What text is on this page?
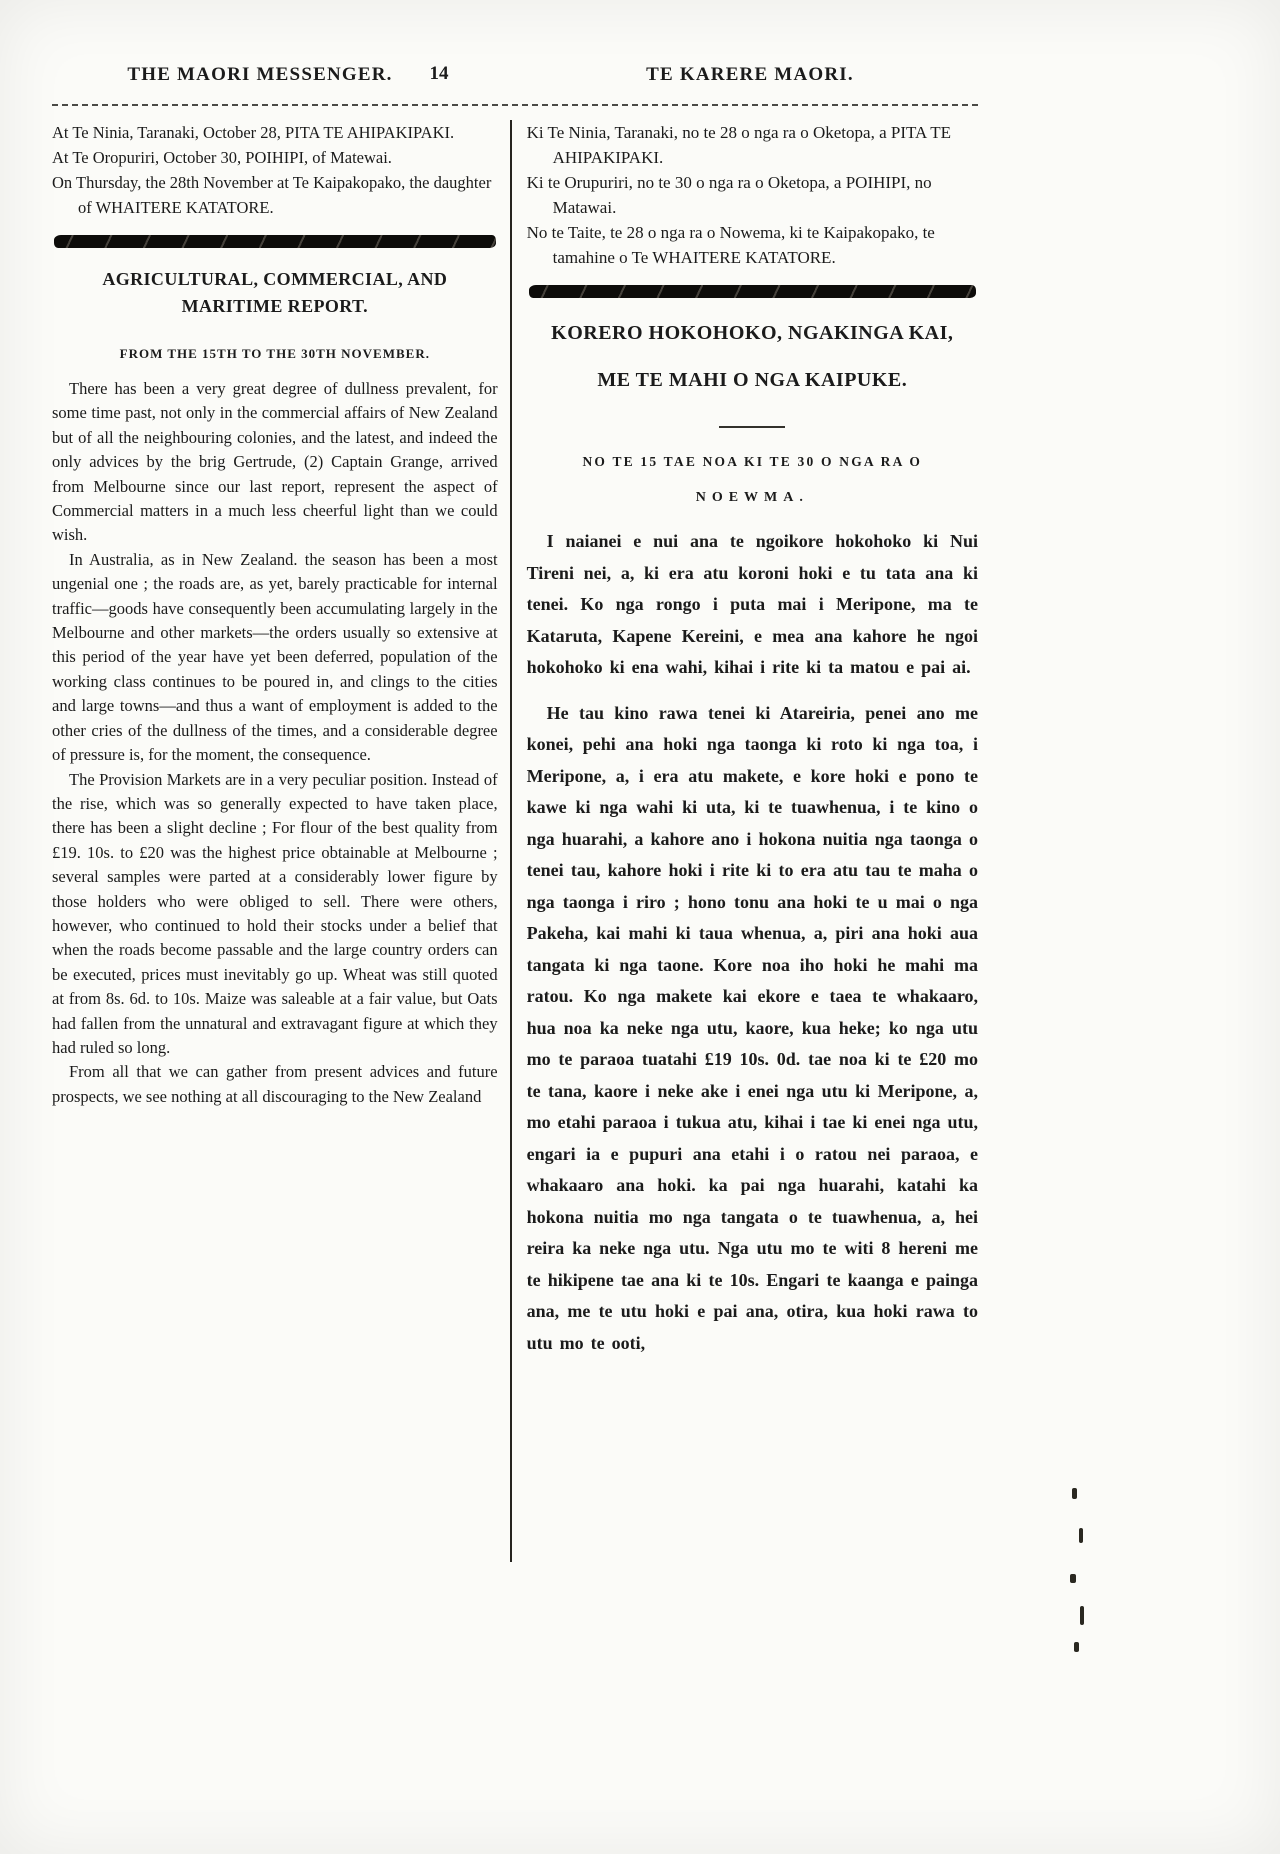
THE MAORI MESSENGER.	14	TE KARERE MAORI.
At Te Ninia, Taranaki, October 28, PITA TE AHIPAKIPAKI.
At Te Oropuriri, October 30, POIHIPI, of Matewai.
On Thursday, the 28th November at Te Kaipakopako, the daughter of WHAITERE KATATORE.
AGRICULTURAL, COMMERCIAL, AND
MARITIME REPORT.
FROM THE 15TH TO THE 30TH NOVEMBER.

There has been a very great degree of dullness prevalent, for some time past, not only in the commercial affairs of New Zealand but of all the neighbouring colonies, and the latest, and indeed the only advices by the brig Gertrude, (2) Captain Grange, arrived from Melbourne since our last report, represent the aspect of Commercial matters in a much less cheerful light than we could wish.

In Australia, as in New Zealand. the season has been a most ungenial one ; the roads are, as yet, barely practicable for internal traffic—goods have consequently been accumulating largely in the Melbourne and other markets—the orders usually so extensive at this period of the year have yet been deferred, population of the working class continues to be poured in, and clings to the cities and large towns—and thus a want of employment is added to the other cries of the dullness of the times, and a considerable degree of pressure is, for the moment, the consequence.

The Provision Markets are in a very peculiar position. Instead of the rise, which was so generally expected to have taken place, there has been a slight decline ; For flour of the best quality from £19. 10s. to £20 was the highest price obtainable at Melbourne ; several samples were parted at a considerably lower figure by those holders who were obliged to sell. There were others, however, who continued to hold their stocks under a belief that when the roads become passable and the large country orders can be executed, prices must inevitably go up. Wheat was still quoted at from 8s. 6d. to 10s. Maize was saleable at a fair value, but Oats had fallen from the unnatural and extravagant figure at which they had ruled so long.

From all that we can gather from present advices and future prospects, we see nothing at all discouraging to the New Zealand

Ki Te Ninia, Taranaki, no te 28 o nga ra o Oketopa, a PITA TE AHIPAKIPAKI.
Ki te Orupuriri, no te 30 o nga ra o Oketopa, a POIHIPI, no Matawai.
No te Taite, te 28 o nga ra o Nowema, ki te Kaipakopako, te tamahine o Te WHAITERE KATATORE.
KORERO HOKOHOKO, NGAKINGA KAI,
ME TE MAHI O NGA KAIPUKE.
NO TE 15 TAE NOA KI TE 30 O NGA RA O
NOEWMA.

I naianei e nui ana te ngoikore hokohoko ki Nui Tireni nei, a, ki era atu koroni hoki e tu tata ana ki tenei. Ko nga rongo i puta mai i Meripone, ma te Kataruta, Kapene Kereini, e mea ana kahore he ngoi hokohoko ki ena wahi, kihai i rite ki ta matou e pai ai.

He tau kino rawa tenei ki Atareiria, penei ano me konei, pehi ana hoki nga taonga ki roto ki nga toa, i Meripone, a, i era atu makete, e kore hoki e pono te kawe ki nga wahi ki uta, ki te tuawhenua, i te kino o nga huarahi, a kahore ano i hokona nuitia nga taonga o tenei tau, kahore hoki i rite ki to era atu tau te maha o nga taonga i riro ; hono tonu ana hoki te u mai o nga Pakeha, kai mahi ki taua whenua, a, piri ana hoki aua tangata ki nga taone. Kore noa iho hoki he mahi ma ratou. Ko nga makete kai ekore e taea te whakaaro, hua noa ka neke nga utu, kaore, kua heke; ko nga utu mo te paraoa tuatahi £19 10s. 0d. tae noa ki te £20 mo te tana, kaore i neke ake i enei nga utu ki Meripone, a, mo etahi paraoa i tukua atu, kihai i tae ki enei nga utu, engari ia e pupuri ana etahi i o ratou nei paraoa, e whakaaro ana hoki. ka pai nga huarahi, katahi ka hokona nuitia mo nga tangata o te tuawhenua, a, hei reira ka neke nga utu. Nga utu mo te witi 8 hereni me te hikipene tae ana ki te 10s. Engari te kaanga e painga ana, me te utu hoki e pai ana, otira, kua hoki rawa to utu mo te ooti,
